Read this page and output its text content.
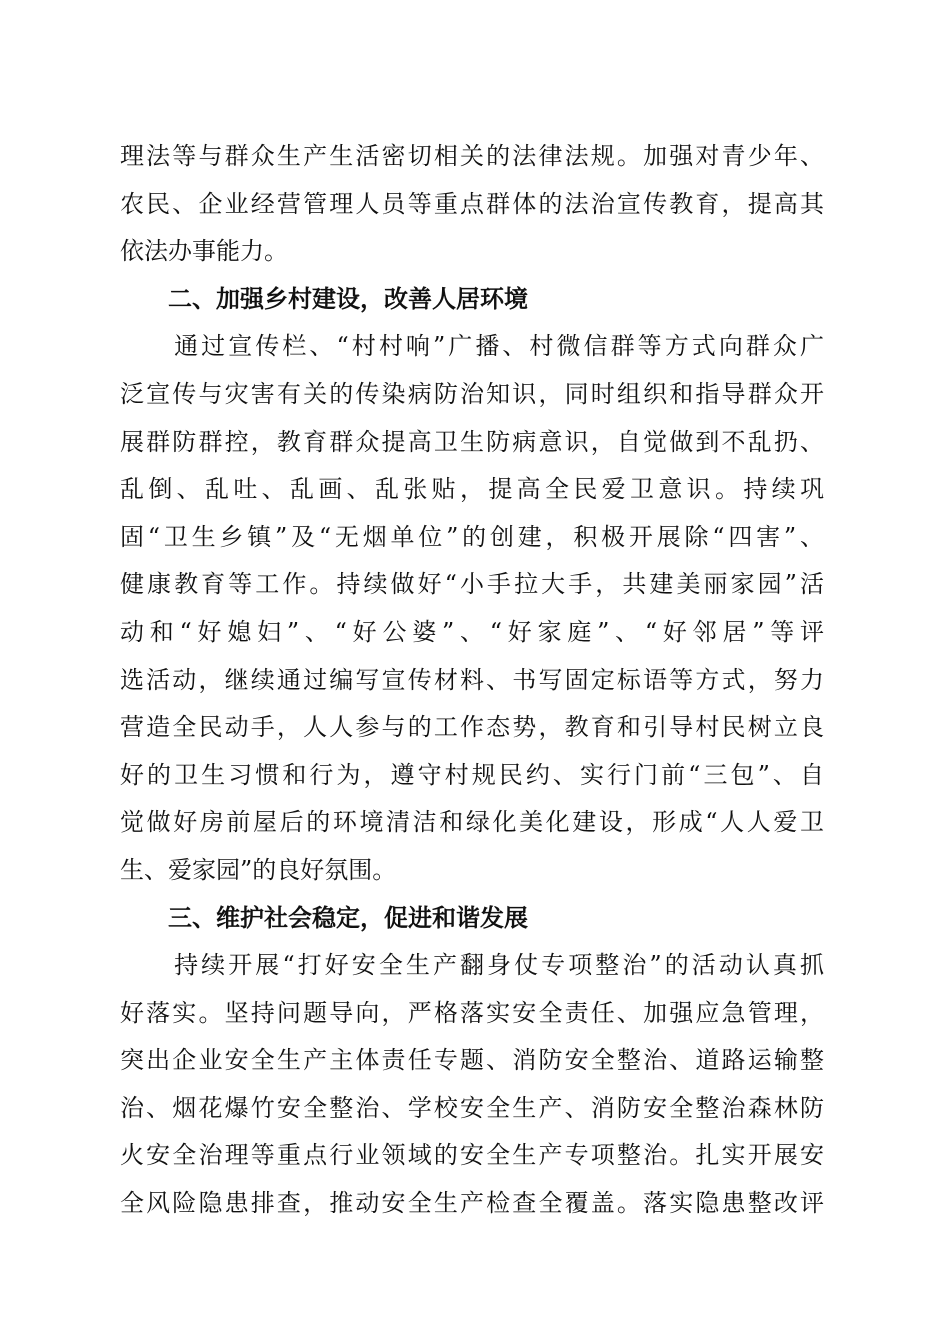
理法等与群众生产生活密切相关的法律法规。加强对青少年、
农民、企业经营管理人员等重点群体的法治宣传教育，提高其
依法办事能力。
二、加强乡村建设，改善人居环境
　　通过宣传栏、“村村响”广播、村微信群等方式向群众广
泛宣传与灾害有关的传染病防治知识，同时组织和指导群众开
展群防群控，教育群众提高卫生防病意识，自觉做到不乱扔、
乱倒、乱吐、乱画、乱张贴，提高全民爱卫意识。持续巩
固“卫生乡镇”及“无烟单位”的创建，积极开展除“四害”、
健康教育等工作。持续做好“小手拉大手，共建美丽家园”活
动和“好媳妇”、“好公婆”、“好家庭”、“好邻居”等评
选活动，继续通过编写宣传材料、书写固定标语等方式，努力
营造全民动手，人人参与的工作态势，教育和引导村民树立良
好的卫生习惯和行为，遵守村规民约、实行门前“三包”、自
觉做好房前屋后的环境清洁和绿化美化建设，形成“人人爱卫
生、爱家园”的良好氛围。
三、维护社会稳定，促进和谐发展
　　持续开展“打好安全生产翻身仗专项整治”的活动认真抓
好落实。坚持问题导向，严格落实安全责任、加强应急管理，
突出企业安全生产主体责任专题、消防安全整治、道路运输整
治、烟花爆竹安全整治、学校安全生产、消防安全整治森林防
火安全治理等重点行业领域的安全生产专项整治。扎实开展安
全风险隐患排查，推动安全生产检查全覆盖。落实隐患整改评
